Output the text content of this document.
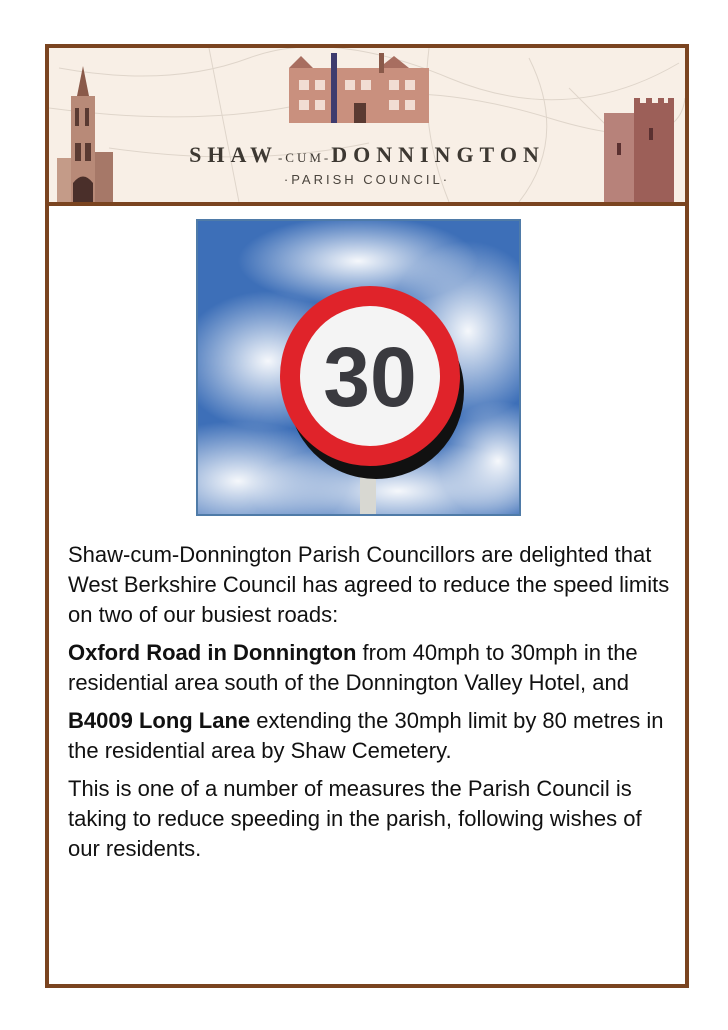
SHAW-CUM-DONNINGTON
·PARISH COUNCIL·
30

Shaw-cum-Donnington Parish Councillors are delighted that West Berkshire Council has agreed to reduce the speed limits on two of our busiest roads:

Oxford Road in Donnington from 40mph to 30mph in the residential area south of the Donnington Valley Hotel, and

B4009 Long Lane extending the 30mph limit by 80 metres in the residential area by Shaw Cemetery.

This is one of a number of measures the Parish Council is taking to reduce speeding in the parish, following wishes of our residents.
